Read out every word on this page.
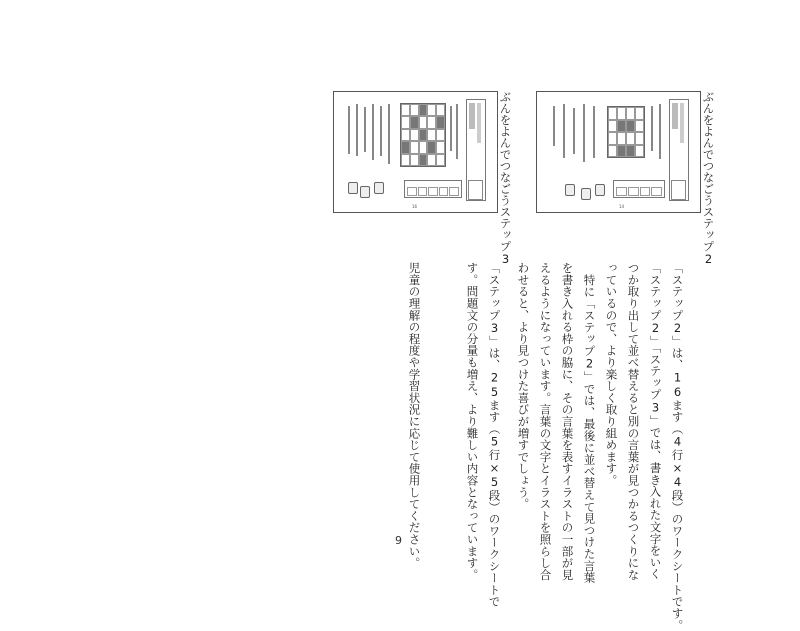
16	ぶんをよんでつなごうステップ3	14	ぶんをよんでつなごうステップ2
「ステップ2」は、16ます（4行×4段）のワークシートです。
「ステップ2」「ステップ3」では、書き入れた文字をいく
つか取り出して並べ替えると別の言葉が見つかるつくりにな
っているので、より楽しく取り組めます。
特に「ステップ2」では、最後に並べ替えて見つけた言葉
を書き入れる枠の脇に、その言葉を表すイラストの一部が見
えるようになっています。言葉の文字とイラストを照らし合
わせると、より見つけた喜びが増すでしょう。
「ステップ3」は、25ます（5行×5段）のワークシートで
す。問題文の分量も増え、より難しい内容となっています。
児童の理解の程度や学習状況に応じて使用してください。
9
